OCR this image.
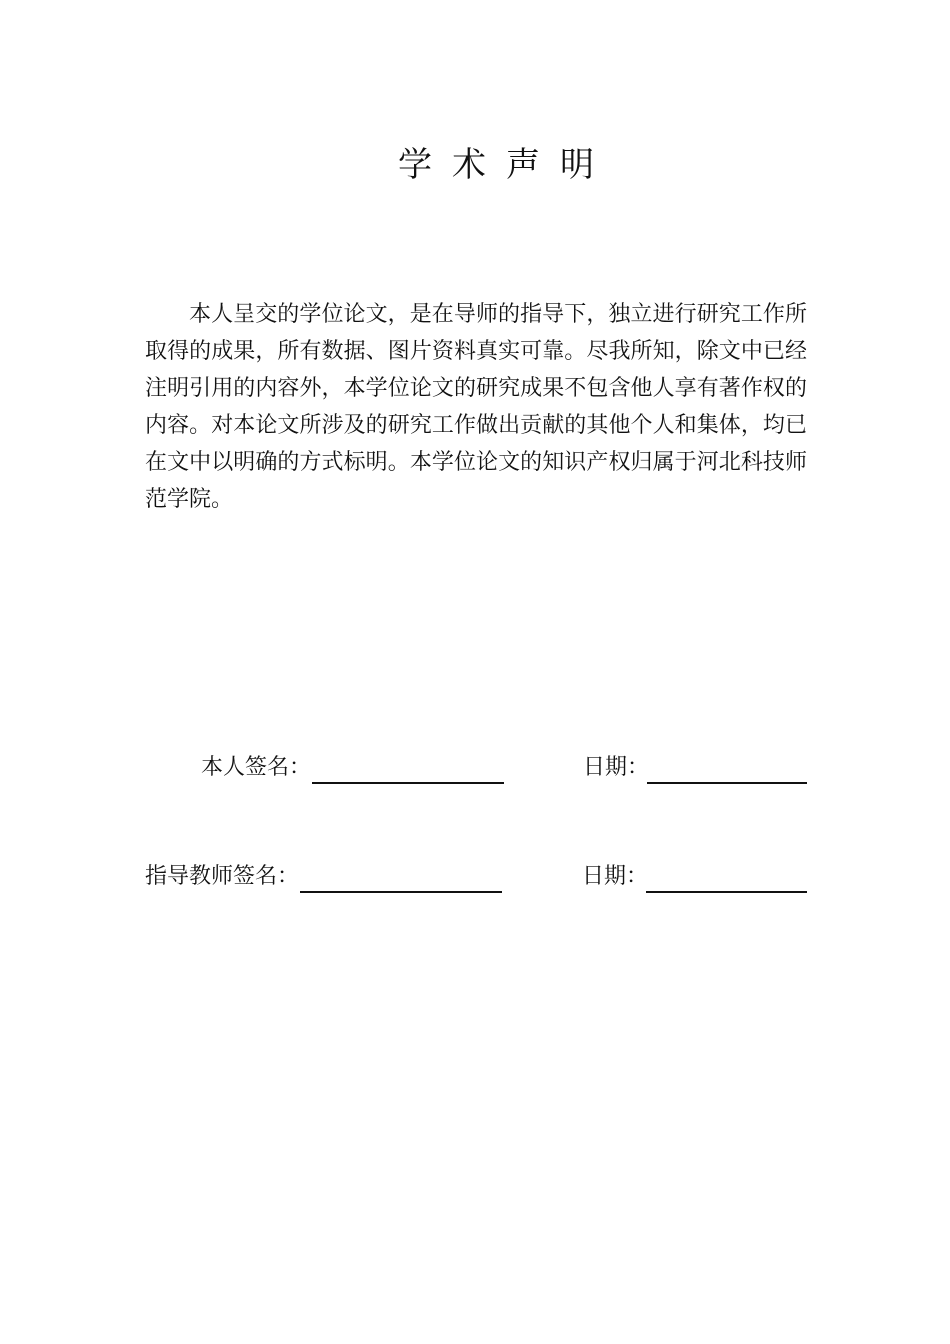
学术声明

本人呈交的学位论文，是在导师的指导下，独立进行研究工作所取得的成果，所有数据、图片资料真实可靠。尽我所知，除文中已经注明引用的内容外，本学位论文的研究成果不包含他人享有著作权的内容。对本论文所涉及的研究工作做出贡献的其他个人和集体，均已在文中以明确的方式标明。本学位论文的知识产权归属于河北科技师范学院。

本人签名：	日期：
指导教师签名：	日期：
